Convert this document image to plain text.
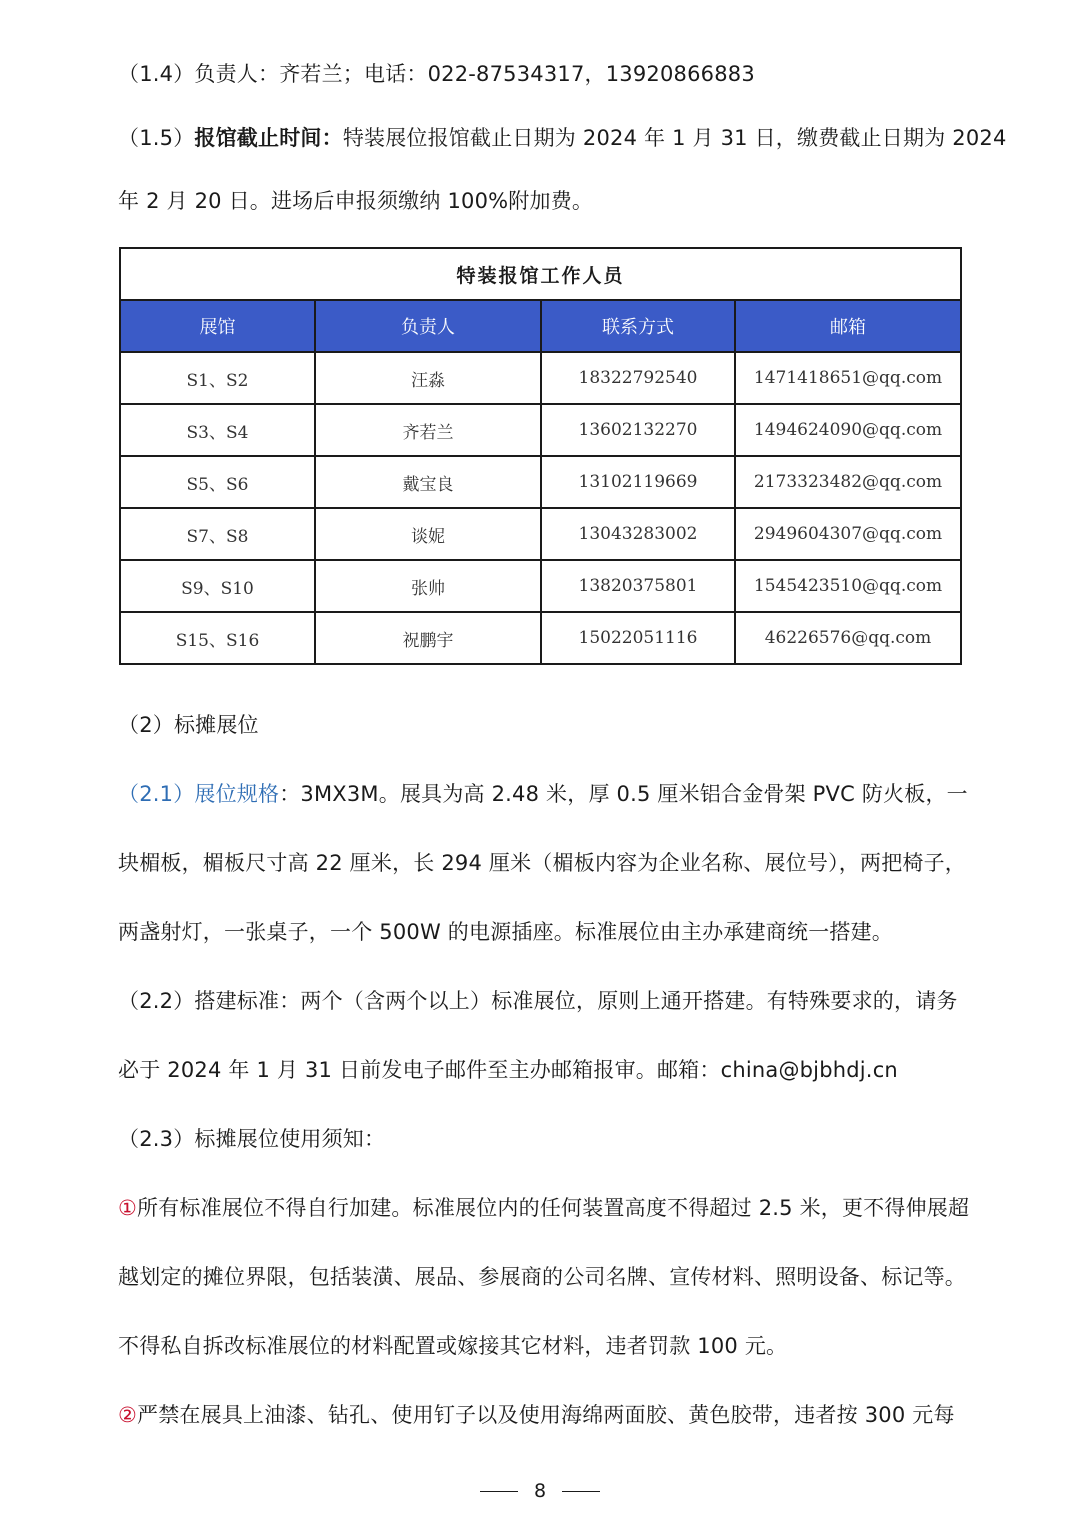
（1.4）负责人：齐若兰；电话：022-87534317，13920866883
（1.5）报馆截止时间：特装展位报馆截止日期为 2024 年 1 月 31 日，缴费截止日期为 2024
年 2 月 20 日。进场后申报须缴纳 100%附加费。
特装报馆工作人员			
展馆	负责人	联系方式	邮箱
S1、S2	汪淼	18322792540	1471418651@qq.com
S3、S4	齐若兰	13602132270	1494624090@qq.com
S5、S6	戴宝良	13102119669	2173323482@qq.com
S7、S8	谈妮	13043283002	2949604307@qq.com
S9、S10	张帅	13820375801	1545423510@qq.com
S15、S16	祝鹏宇	15022051116	46226576@qq.com
（2）标摊展位
（2.1）展位规格：3MX3M。展具为高 2.48 米，厚 0.5 厘米铝合金骨架 PVC 防火板，一
块楣板，楣板尺寸高 22 厘米，长 294 厘米（楣板内容为企业名称、展位号），两把椅子，
两盏射灯，一张桌子，一个 500W 的电源插座。标准展位由主办承建商统一搭建。
（2.2）搭建标准：两个（含两个以上）标准展位，原则上通开搭建。有特殊要求的，请务
必于 2024 年 1 月 31 日前发电子邮件至主办邮箱报审。邮箱：china@bjbhdj.cn
（2.3）标摊展位使用须知：
①所有标准展位不得自行加建。标准展位内的任何装置高度不得超过 2.5 米，更不得伸展超
越划定的摊位界限，包括装潢、展品、参展商的公司名牌、宣传材料、照明设备、标记等。
不得私自拆改标准展位的材料配置或嫁接其它材料，违者罚款 100 元。
②严禁在展具上油漆、钻孔、使用钉子以及使用海绵两面胶、黄色胶带，违者按 300 元每
8
